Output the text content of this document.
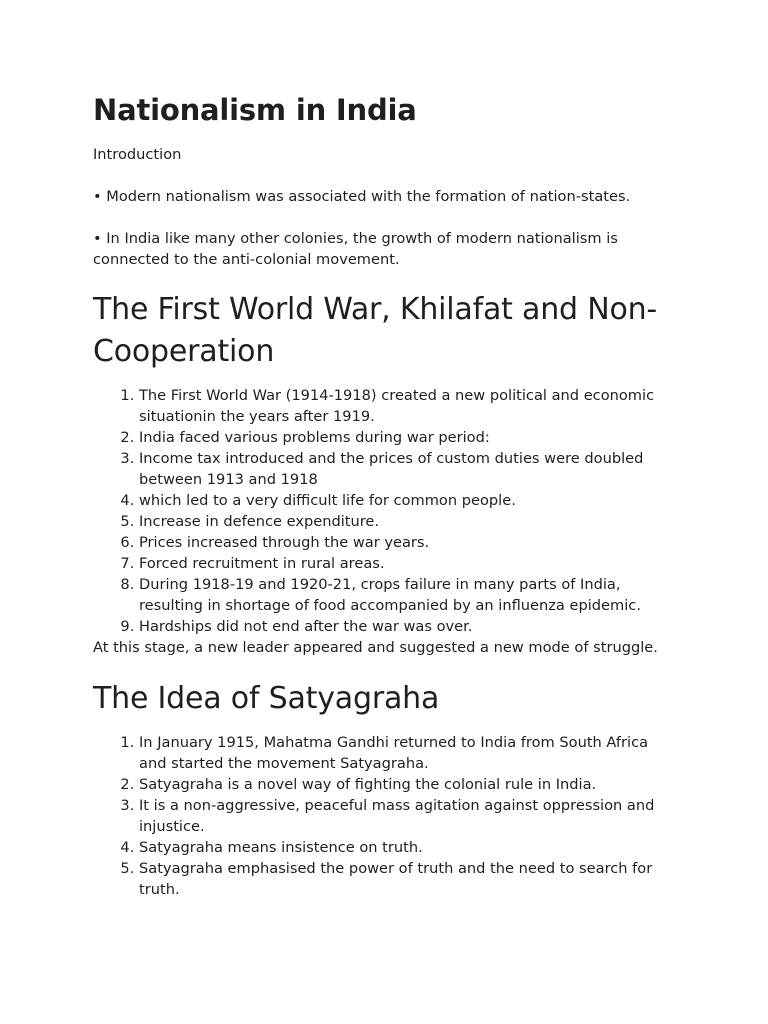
Nationalism in India

Introduction

• Modern nationalism was associated with the formation of nation-states.

• In India like many other colonies, the growth of modern nationalism is connected to the anti-colonial movement.

The First World War, Khilafat and Non-Cooperation
1. The First World War (1914-1918) created a new political and economic situationin the years after 1919.
2. India faced various problems during war period:
3. Income tax introduced and the prices of custom duties were doubled between 1913 and 1918
4. which led to a very difficult life for common people.
5. Increase in defence expenditure.
6. Prices increased through the war years.
7. Forced recruitment in rural areas.
8. During 1918-19 and 1920-21, crops failure in many parts of India, resulting in shortage of food accompanied by an influenza epidemic.
9. Hardships did not end after the war was over.

At this stage, a new leader appeared and suggested a new mode of struggle.

The Idea of Satyagraha
1. In January 1915, Mahatma Gandhi returned to India from South Africa and started the movement Satyagraha.
2. Satyagraha is a novel way of fighting the colonial rule in India.
3. It is a non-aggressive, peaceful mass agitation against oppression and injustice.
4. Satyagraha means insistence on truth.
5. Satyagraha emphasised the power of truth and the need to search for truth.
